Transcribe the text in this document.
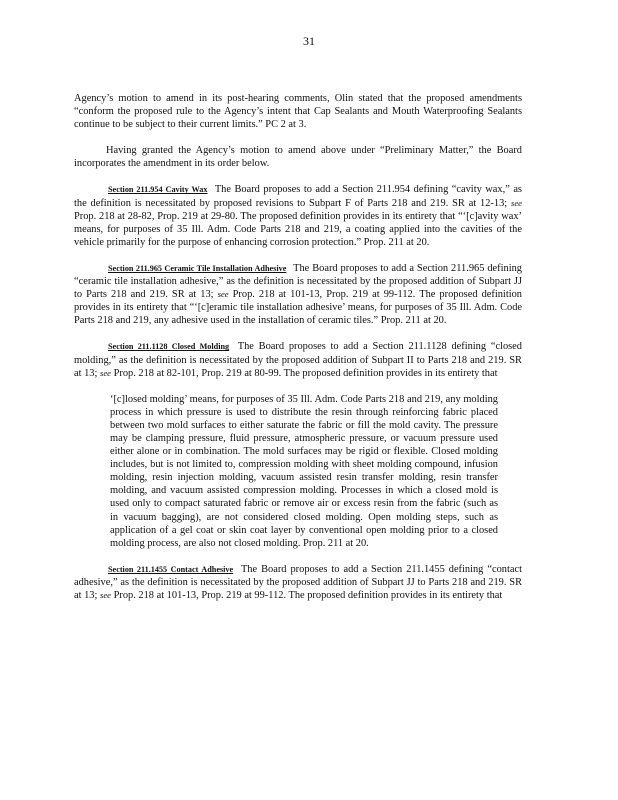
31

Agency’s motion to amend in its post-hearing comments, Olin stated that the proposed amendments “conform the proposed rule to the Agency’s intent that Cap Sealants and Mouth Waterproofing Sealants continue to be subject to their current limits.” PC 2 at 3.

Having granted the Agency’s motion to amend above under “Preliminary Matter,” the Board incorporates the amendment in its order below.

Section 211.954 Cavity Wax The Board proposes to add a Section 211.954 defining “cavity wax,” as the definition is necessitated by proposed revisions to Subpart F of Parts 218 and 219. SR at 12-13; see Prop. 218 at 28-82, Prop. 219 at 29-80. The proposed definition provides in its entirety that “‘[c]avity wax’ means, for purposes of 35 Ill. Adm. Code Parts 218 and 219, a coating applied into the cavities of the vehicle primarily for the purpose of enhancing corrosion protection.” Prop. 211 at 20.

Section 211.965 Ceramic Tile Installation Adhesive The Board proposes to add a Section 211.965 defining “ceramic tile installation adhesive,” as the definition is necessitated by the proposed addition of Subpart JJ to Parts 218 and 219. SR at 13; see Prop. 218 at 101-13, Prop. 219 at 99-112. The proposed definition provides in its entirety that “‘[c]eramic tile installation adhesive’ means, for purposes of 35 Ill. Adm. Code Parts 218 and 219, any adhesive used in the installation of ceramic tiles.” Prop. 211 at 20.

Section 211.1128 Closed Molding The Board proposes to add a Section 211.1128 defining “closed molding,” as the definition is necessitated by the proposed addition of Subpart II to Parts 218 and 219. SR at 13; see Prop. 218 at 82-101, Prop. 219 at 80-99. The proposed definition provides in its entirety that

‘[c]losed molding’ means, for purposes of 35 Ill. Adm. Code Parts 218 and 219, any molding process in which pressure is used to distribute the resin through reinforcing fabric placed between two mold surfaces to either saturate the fabric or fill the mold cavity. The pressure may be clamping pressure, fluid pressure, atmospheric pressure, or vacuum pressure used either alone or in combination. The mold surfaces may be rigid or flexible. Closed molding includes, but is not limited to, compression molding with sheet molding compound, infusion molding, resin injection molding, vacuum assisted resin transfer molding, resin transfer molding, and vacuum assisted compression molding. Processes in which a closed mold is used only to compact saturated fabric or remove air or excess resin from the fabric (such as in vacuum bagging), are not considered closed molding. Open molding steps, such as application of a gel coat or skin coat layer by conventional open molding prior to a closed molding process, are also not closed molding. Prop. 211 at 20.

Section 211.1455 Contact Adhesive The Board proposes to add a Section 211.1455 defining “contact adhesive,” as the definition is necessitated by the proposed addition of Subpart JJ to Parts 218 and 219. SR at 13; see Prop. 218 at 101-13, Prop. 219 at 99-112. The proposed definition provides in its entirety that
